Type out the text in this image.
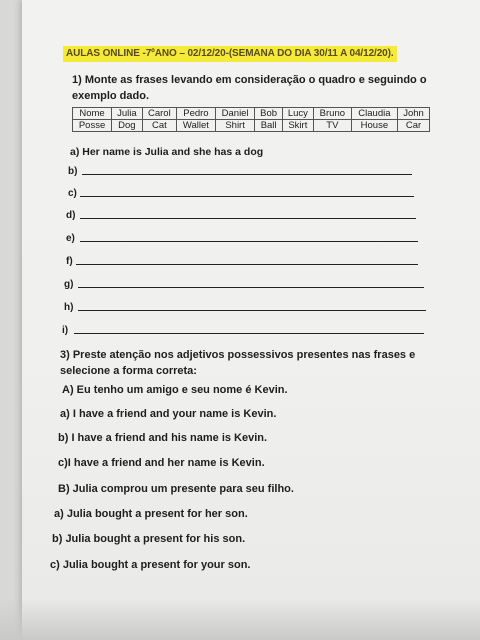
AULAS ONLINE -7ºANO – 02/12/20-(SEMANA DO DIA 30/11 A 04/12/20).
1) Monte as frases levando em consideração o quadro e seguindo o
exemplo dado.
Nome	Julia	Carol	Pedro	Daniel	Bob	Lucy	Bruno	Claudia	John
Posse	Dog	Cat	Wallet	Shirt	Ball	Skirt	TV	House	Car
a) Her name is Julia and she has a dog
b)
c)
d)
e)
f)
g)
h)
i)
3) Preste atenção nos adjetivos possessivos presentes nas frases e
selecione a forma correta:
A) Eu tenho um amigo e seu nome é Kevin.
a) I have a friend and your name is Kevin.
b) I have a friend and his name is Kevin.
c)I have a friend and her name is Kevin.
B) Julia comprou um presente para seu filho.
a) Julia bought a present for her son.
b) Julia bought a present for his son.
c) Julia bought a present for your son.
